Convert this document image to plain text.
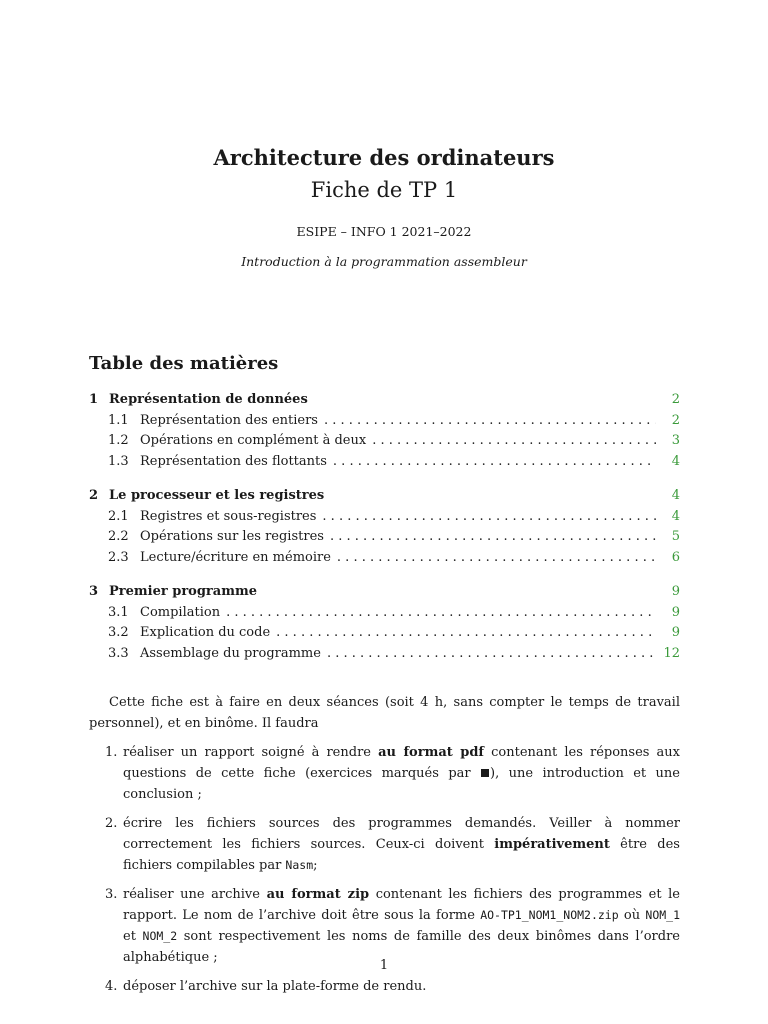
Architecture des ordinateurs
Fiche de TP 1

ESIPE – INFO 1 2021–2022

Introduction à la programmation assembleur

Table des matières
1 Représentation de données	2
1.1 Représentation des entiers . . .	2
1.2 Opérations en complément à deux . . .	3
1.3 Représentation des flottants . . .	4
2 Le processeur et les registres	4
2.1 Registres et sous-registres . . .	4
2.2 Opérations sur les registres . . .	5
2.3 Lecture/écriture en mémoire . . .	6
3 Premier programme	9
3.1 Compilation . . .	9
3.2 Explication du code . . .	9
3.3 Assemblage du programme . . .	12

Cette fiche est à faire en deux séances (soit 4 h, sans compter le temps de travail personnel), et en binôme. Il faudra

1. réaliser un rapport soigné à rendre au format pdf contenant les réponses aux questions de cette fiche (exercices marqués par ), une introduction et une conclusion ;
2. écrire les fichiers sources des programmes demandés. Veiller à nommer correctement les fichiers sources. Ceux-ci doivent impérativement être des fichiers compilables par Nasm;
3. réaliser une archive au format zip contenant les fichiers des programmes et le rapport. Le nom de l’archive doit être sous la forme AO-TP1_NOM1_NOM2.zip où NOM_1 et NOM_2 sont respectivement les noms de famille des deux binômes dans l’ordre alphabétique ;
4. déposer l’archive sur la plate-forme de rendu.
1
